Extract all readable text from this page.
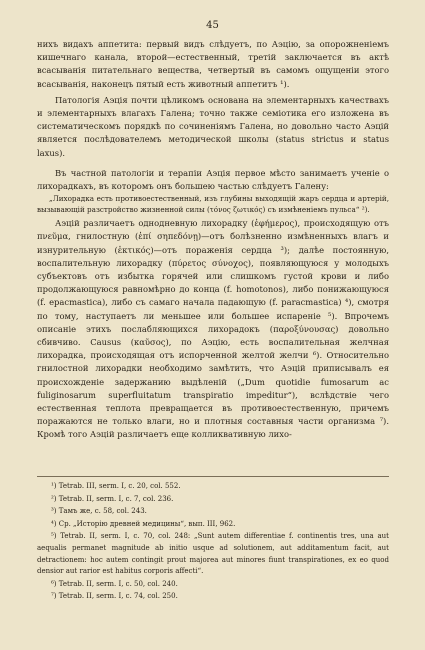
45

нихъ видахъ аппетита: первый видъ слѣдуетъ, по Аэцію, за опорожненіемъ кишечнаго канала, второй—естественный, третій заключается въ актѣ всасыванія питательнаго вещества, четвертый въ самомъ ощущеніи этого всасыванія, наконецъ пятый есть животный аппетитъ ¹).

Патологія Аэція почти цѣликомъ основана на элементарныхъ качествахъ и элементарныхъ влагахъ Галена; точно также семіотика его изложена въ систематическомъ порядкѣ по сочиненіямъ Галена, но довольно часто Аэцій является послѣдователемъ методической школы (status strictus и status laxus).

Въ частной патологіи и терапіи Аэція первое мѣсто занимаетъ ученіе о лихорадкахъ, въ которомъ онъ большею частью слѣдуетъ Галену:

„Лихорадка есть противоестественный, изъ глубины выходящій жаръ сердца и артерій, вызывающій разстройство жизненной силы (τόνος ζωτικός) съ измѣненіемъ пульса“ ²).

Аэцій различаетъ однодневную лихорадку (ἐφήμερος), происходящую отъ πνεῦμα, гнилостную (ἐπί σηπεδόνῃ)—отъ болѣзненно измѣненныхъ влагъ и изнурительную (ἑκτικός)—отъ пораженія сердца ³); далѣе постоянную, воспалительную лихорадку (πύρετος σύνοχος), появляющуюся у молодыхъ субъектовъ отъ избытка горячей или слишкомъ густой крови и либо продолжающуюся равномѣрно до конца (f. homotonos), либо понижающуюся (f. epacmastica), либо съ самаго начала падающую (f. paracmastica) ⁴), смотря по тому, наступаетъ ли меньшее или большее испареніе ⁵). Впрочемъ описаніе этихъ послабляющихся лихорадокъ (παροξύνουσας) довольно сбивчиво. Causus (καῦσος), по Аэцію, есть воспалительная желчная лихорадка, происходящая отъ испорченной желтой желчи ⁶). Относительно гнилостной лихорадки необходимо замѣтить, что Аэцій приписывалъ ея происхожденіе задержанию выдѣленій („Dum quotidie fumosarum ac fuliginosarum superfluitatum transpiratio impeditur“), вслѣдствіе чего естественная теплота превращается въ противоестественную, причемъ поражаются не только влаги, но и плотныя составныя части организма ⁷). Кромѣ того Аэцій различаетъ еще колликвативную лихо-

¹) Tetrab. III, serm. I, c. 20, col. 552.

²) Tetrab. II, serm. I, c. 7, col. 236.

³) Тамъ же, c. 58, col. 243.

⁴) Ср. „Исторію древней медицины“, вып. III, 962.

⁵) Tetrab. II, serm. I, c. 70, col. 248: „Sunt autem differentiae f. continentis tres, una aut aequalis permanet magnitude ab initio usque ad solutionem, aut additamentum facit, aut detractionem: hoc autem contingit prout majorea aut minores fiunt transpirationes, ex eo quod densior aut rarior est habitus corporis affecti“.

⁶) Tetrab. II, serm. I, c. 50, col. 240.

⁷) Tetrab. II, serm. I, c. 74, col. 250.
